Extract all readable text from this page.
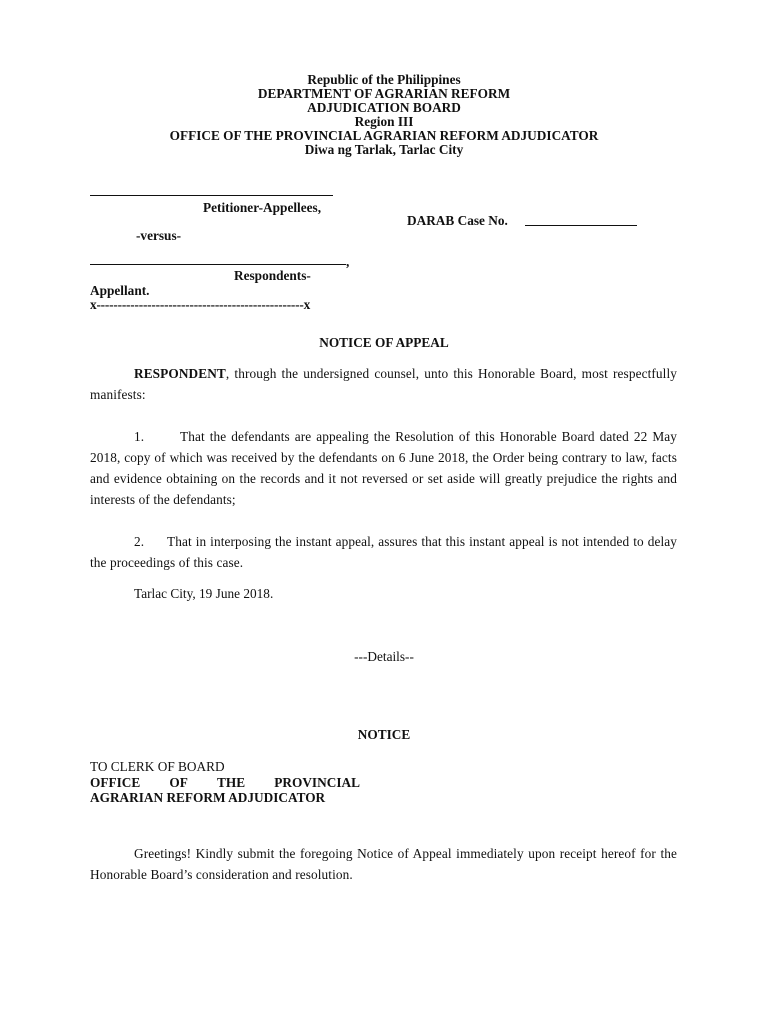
Republic of the Philippines
DEPARTMENT OF AGRARIAN REFORM
ADJUDICATION BOARD
Region III
OFFICE OF THE PROVINCIAL AGRARIAN REFORM ADJUDICATOR
Diwa ng Tarlak, Tarlac City
Petitioner-Appellees,
DARAB Case No.
-versus-
,
Respondents-
Appellant.
x-------------------------------------------------x
NOTICE OF APPEAL
RESPONDENT, through the undersigned counsel, unto this Honorable Board, most respectfully manifests:
1.	That the defendants are appealing the Resolution of this Honorable Board dated 22 May 2018, copy of which was received by the defendants on 6 June 2018, the Order being contrary to law, facts and evidence obtaining on the records and it not reversed or set aside will greatly prejudice the rights and interests of the defendants;
2. That in interposing the instant appeal, assures that this instant appeal is not intended to delay the proceedings of this case.
Tarlac City, 19 June 2018.
---Details--
NOTICE
TO CLERK OF BOARD
OFFICE OF THE PROVINCIAL
AGRARIAN REFORM ADJUDICATOR
Greetings! Kindly submit the foregoing Notice of Appeal immediately upon receipt hereof for the Honorable Board’s consideration and resolution.
